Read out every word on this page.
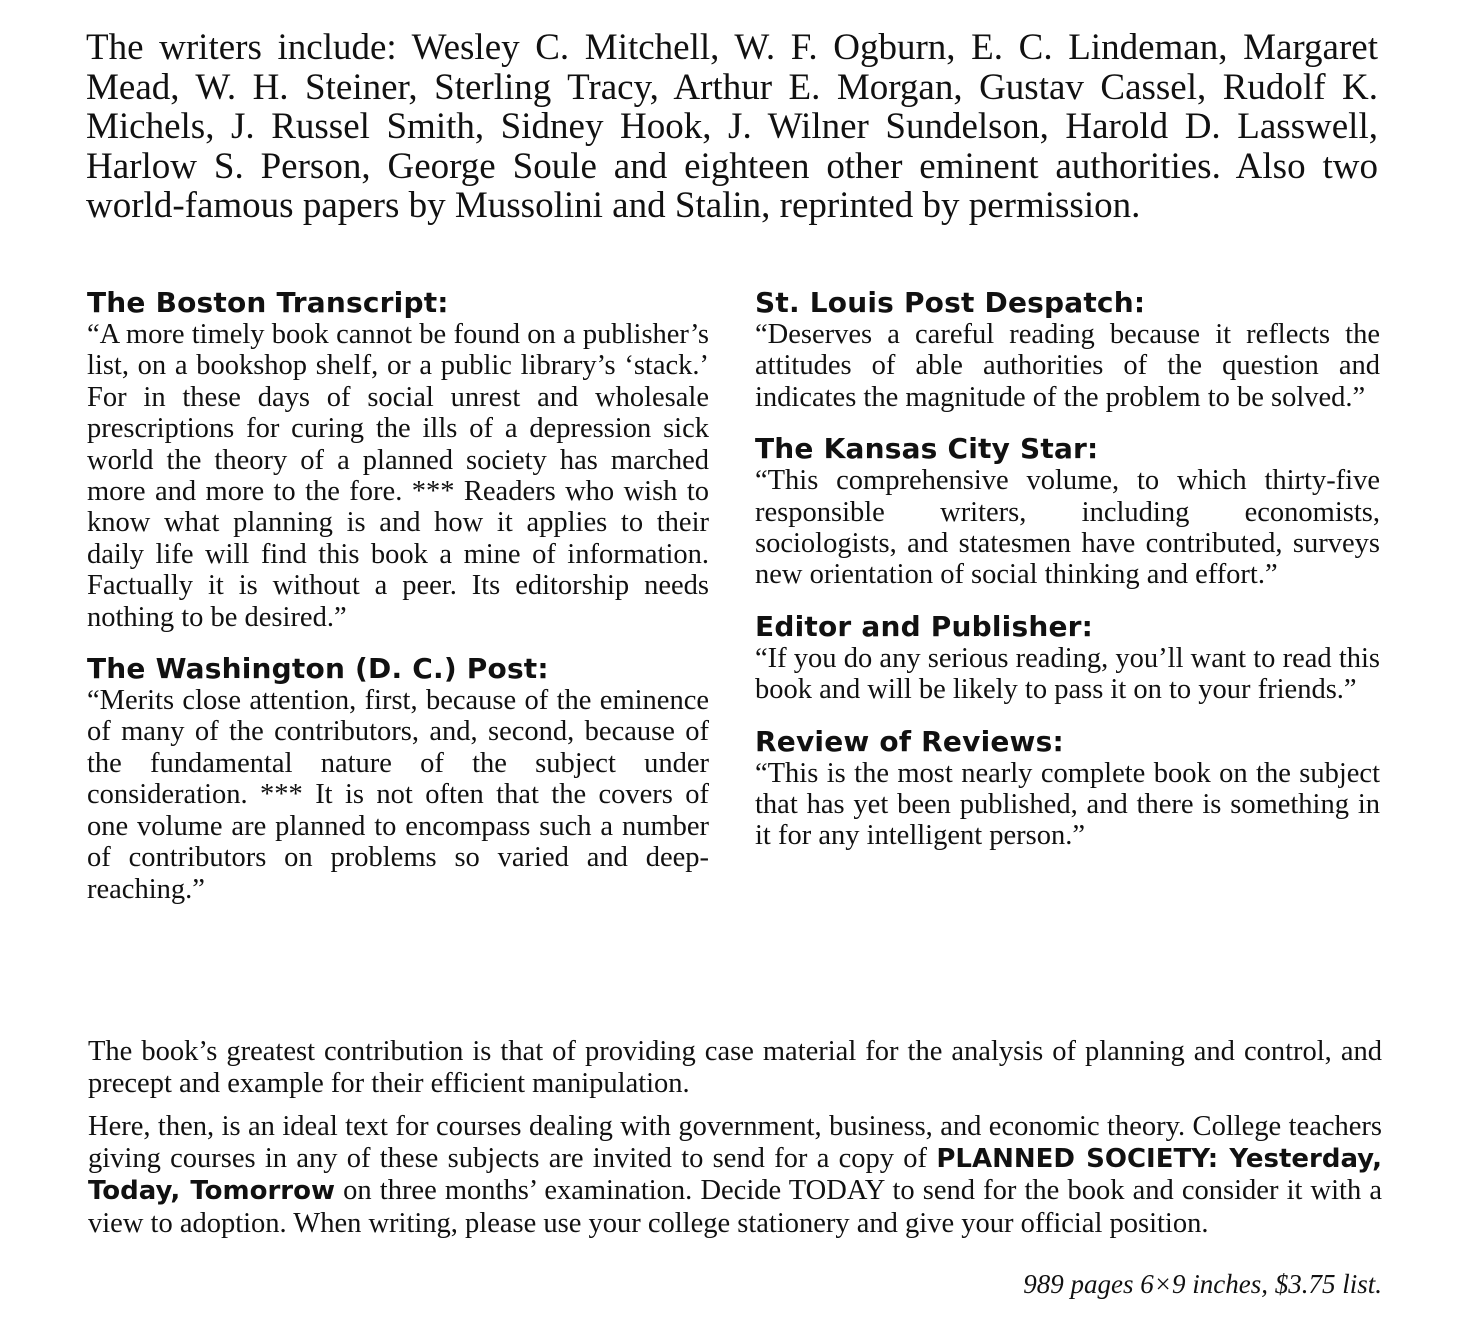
The writers include: Wesley C. Mitchell, W. F. Ogburn, E. C. Lindeman, Margaret Mead, W. H. Steiner, Sterling Tracy, Arthur E. Morgan, Gustav Cassel, Rudolf K. Michels, J. Russel Smith, Sidney Hook, J. Wilner Sundelson, Harold D. Lasswell, Harlow S. Person, George Soule and eighteen other eminent authorities. Also two world-famous papers by Mussolini and Stalin, reprinted by permission.

The Boston Transcript:

“A more timely book cannot be found on a publisher’s list, on a bookshop shelf, or a public library’s ‘stack.’ For in these days of social unrest and wholesale prescriptions for curing the ills of a depression sick world the theory of a planned society has marched more and more to the fore. *** Readers who wish to know what planning is and how it applies to their daily life will find this book a mine of information. Factually it is without a peer. Its editorship needs nothing to be desired.”

The Washington (D. C.) Post:

“Merits close attention, first, because of the eminence of many of the contributors, and, second, because of the fundamental nature of the subject under consideration. *** It is not often that the covers of one volume are planned to encompass such a number of contributors on problems so varied and deep-reaching.”

St. Louis Post Despatch:

“Deserves a careful reading because it reflects the attitudes of able authorities of the question and indicates the magnitude of the problem to be solved.”

The Kansas City Star:

“This comprehensive volume, to which thirty-five responsible writers, including economists, sociologists, and statesmen have contributed, surveys new orientation of social thinking and effort.”

Editor and Publisher:

“If you do any serious reading, you’ll want to read this book and will be likely to pass it on to your friends.”

Review of Reviews:

“This is the most nearly complete book on the subject that has yet been published, and there is something in it for any intelligent person.”

The book’s greatest contribution is that of providing case material for the analysis of planning and control, and precept and example for their efficient manipulation.

Here, then, is an ideal text for courses dealing with government, business, and economic theory. College teachers giving courses in any of these subjects are invited to send for a copy of PLANNED SOCIETY: Yesterday, Today, Tomorrow on three months’ examination. Decide TODAY to send for the book and consider it with a view to adoption. When writing, please use your college stationery and give your official position.

989 pages 6×9 inches, $3.75 list.
